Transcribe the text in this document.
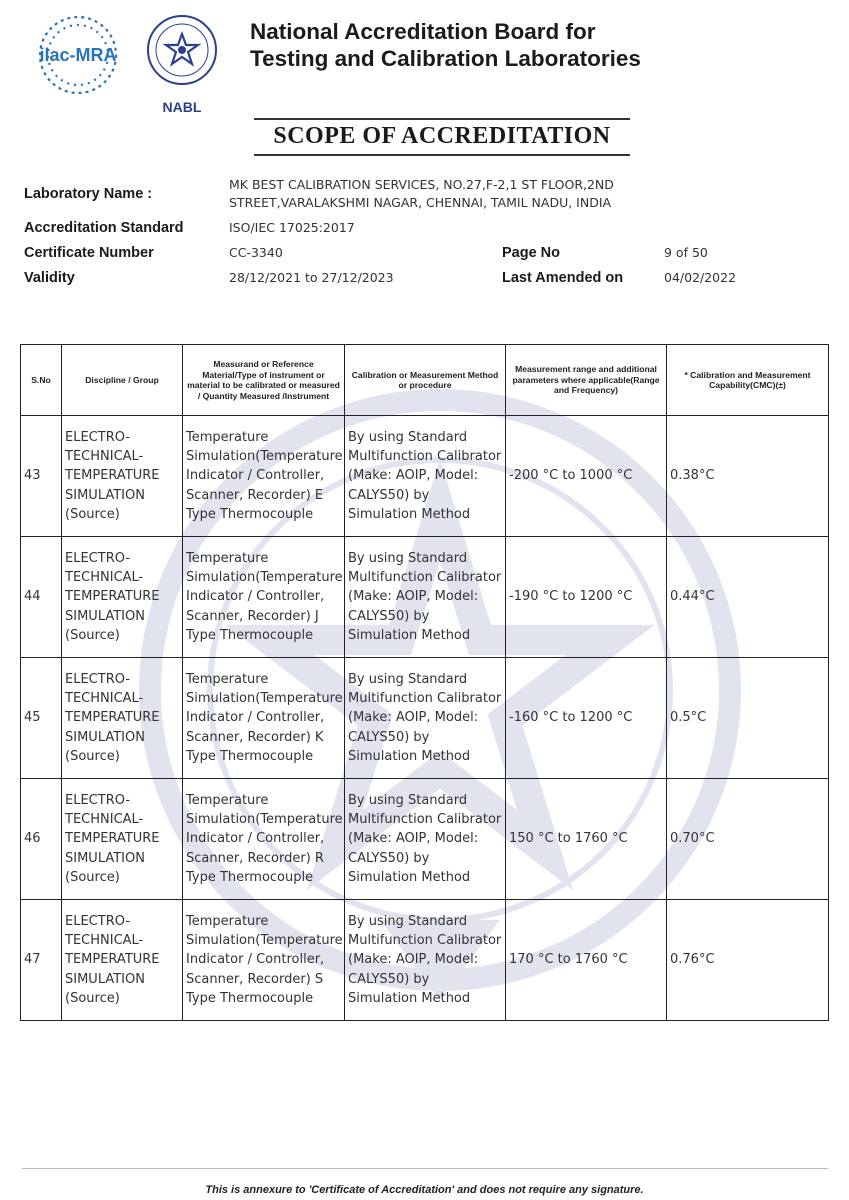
ilac-MRA
NABL
National Accreditation Board for
Testing and Calibration Laboratories
SCOPE OF ACCREDITATION
Laboratory Name :
MK BEST CALIBRATION SERVICES, NO.27,F-2,1 ST FLOOR,2ND
STREET,VARALAKSHMI NAGAR, CHENNAI, TAMIL NADU, INDIA
Accreditation Standard	ISO/IEC 17025:2017
Certificate Number	CC-3340	Page No	9 of 50
Validity	28/12/2021 to 27/12/2023	Last Amended on	04/02/2022
S.No	Discipline / Group	Measurand or Reference Material/Type of instrument or material to be calibrated or measured / Quantity Measured /Instrument	Calibration or Measurement Method or procedure	Measurement range and additional parameters where applicable(Range and Frequency)	* Calibration and Measurement Capability(CMC)(±)
43	ELECTRO-TECHNICAL-TEMPERATURE SIMULATION (Source)	Temperature Simulation(Temperature Indicator / Controller, Scanner, Recorder) E Type Thermocouple	By using Standard Multifunction Calibrator (Make: AOIP, Model: CALYS50) by Simulation Method	-200 °C to 1000 °C	0.38°C
44	ELECTRO-TECHNICAL-TEMPERATURE SIMULATION (Source)	Temperature Simulation(Temperature Indicator / Controller, Scanner, Recorder) J Type Thermocouple	By using Standard Multifunction Calibrator (Make: AOIP, Model: CALYS50) by Simulation Method	-190 °C to 1200 °C	0.44°C
45	ELECTRO-TECHNICAL-TEMPERATURE SIMULATION (Source)	Temperature Simulation(Temperature Indicator / Controller, Scanner, Recorder) K Type Thermocouple	By using Standard Multifunction Calibrator (Make: AOIP, Model: CALYS50) by Simulation Method	-160 °C to 1200 °C	0.5°C
46	ELECTRO-TECHNICAL-TEMPERATURE SIMULATION (Source)	Temperature Simulation(Temperature Indicator / Controller, Scanner, Recorder) R Type Thermocouple	By using Standard Multifunction Calibrator (Make: AOIP, Model: CALYS50) by Simulation Method	150 °C to 1760 °C	0.70°C
47	ELECTRO-TECHNICAL-TEMPERATURE SIMULATION (Source)	Temperature Simulation(Temperature Indicator / Controller, Scanner, Recorder) S Type Thermocouple	By using Standard Multifunction Calibrator (Make: AOIP, Model: CALYS50) by Simulation Method	170 °C to 1760 °C	0.76°C
This is annexure to 'Certificate of Accreditation' and does not require any signature.
